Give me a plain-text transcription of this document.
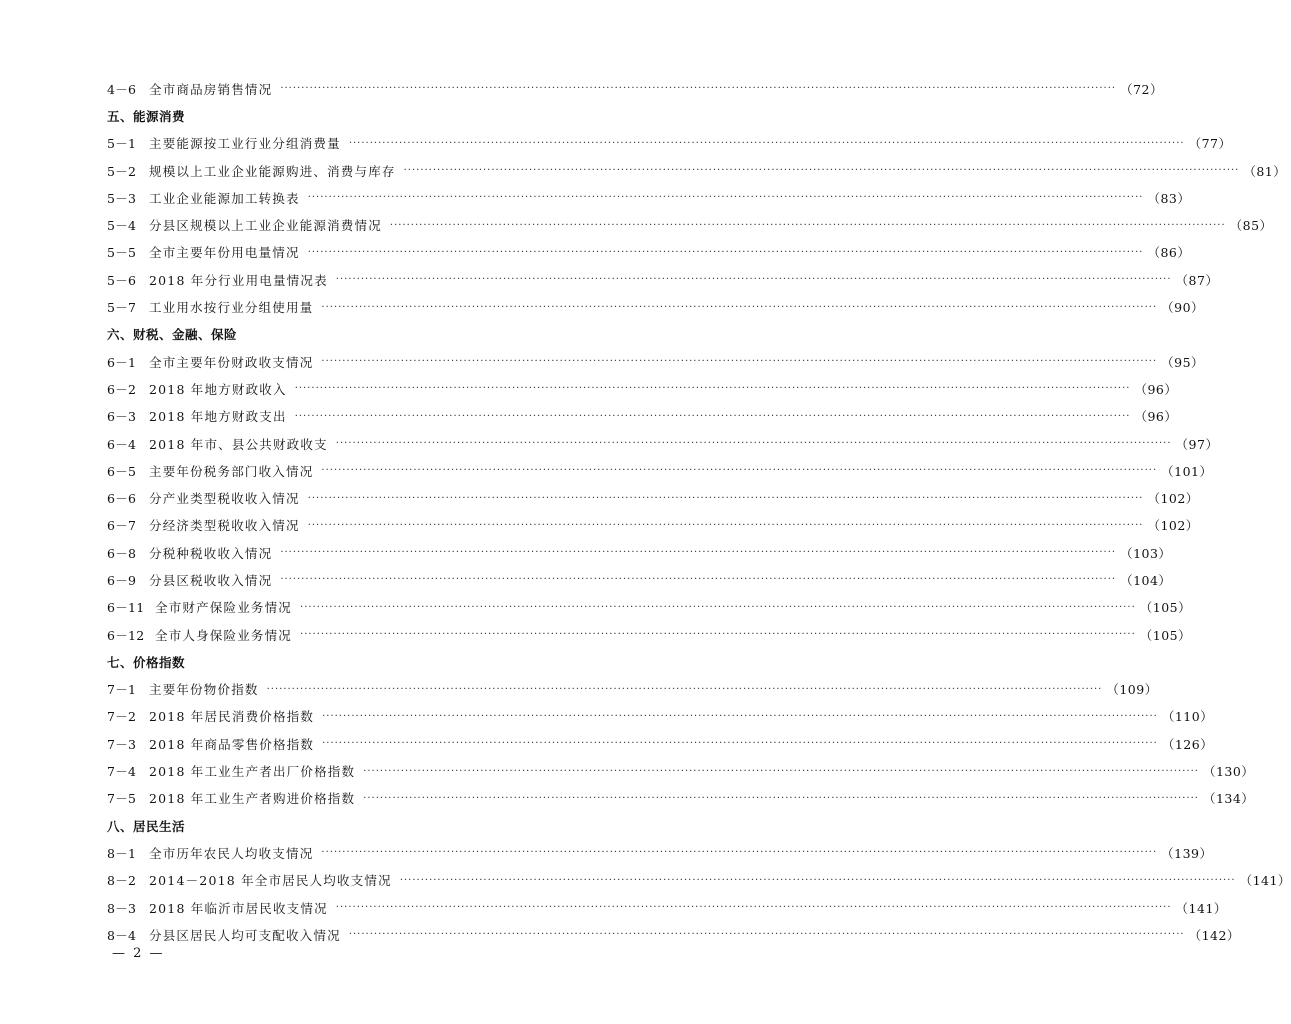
4－6	全市商品房销售情况 ········································································································································································································ （72）
五、能源消费
5－1	主要能源按工业行业分组消费量 ········································································································································································································ （77）
5－2	规模以上工业企业能源购进、消费与库存 ········································································································································································································ （81）
5－3	工业企业能源加工转换表 ········································································································································································································ （83）
5－4	分县区规模以上工业企业能源消费情况 ········································································································································································································ （85）
5－5	全市主要年份用电量情况 ········································································································································································································ （86）
5－6	2018 年分行业用电量情况表 ········································································································································································································ （87）
5－7	工业用水按行业分组使用量 ········································································································································································································ （90）
六、财税、金融、保险
6－1	全市主要年份财政收支情况 ········································································································································································································ （95）
6－2	2018 年地方财政收入 ········································································································································································································ （96）
6－3	2018 年地方财政支出 ········································································································································································································ （96）
6－4	2018 年市、县公共财政收支 ········································································································································································································ （97）
6－5	主要年份税务部门收入情况 ········································································································································································································ （101）
6－6	分产业类型税收收入情况 ········································································································································································································ （102）
6－7	分经济类型税收收入情况 ········································································································································································································ （102）
6－8	分税种税收收入情况 ········································································································································································································ （103）
6－9	分县区税收收入情况 ········································································································································································································ （104）
6－11 全市财产保险业务情况 ········································································································································································································ （105）
6－12 全市人身保险业务情况 ········································································································································································································ （105）
七、价格指数
7－1	主要年份物价指数 ········································································································································································································ （109）
7－2	2018 年居民消费价格指数 ········································································································································································································ （110）
7－3	2018 年商品零售价格指数 ········································································································································································································ （126）
7－4	2018 年工业生产者出厂价格指数 ········································································································································································································ （130）
7－5	2018 年工业生产者购进价格指数 ········································································································································································································ （134）
八、居民生活
8－1	全市历年农民人均收支情况 ········································································································································································································ （139）
8－2	2014－2018 年全市居民人均收支情况 ········································································································································································································ （141）
8－3	2018 年临沂市居民收支情况 ········································································································································································································ （141）
8－4	分县区居民人均可支配收入情况 ········································································································································································································ （142）
— 2 —
